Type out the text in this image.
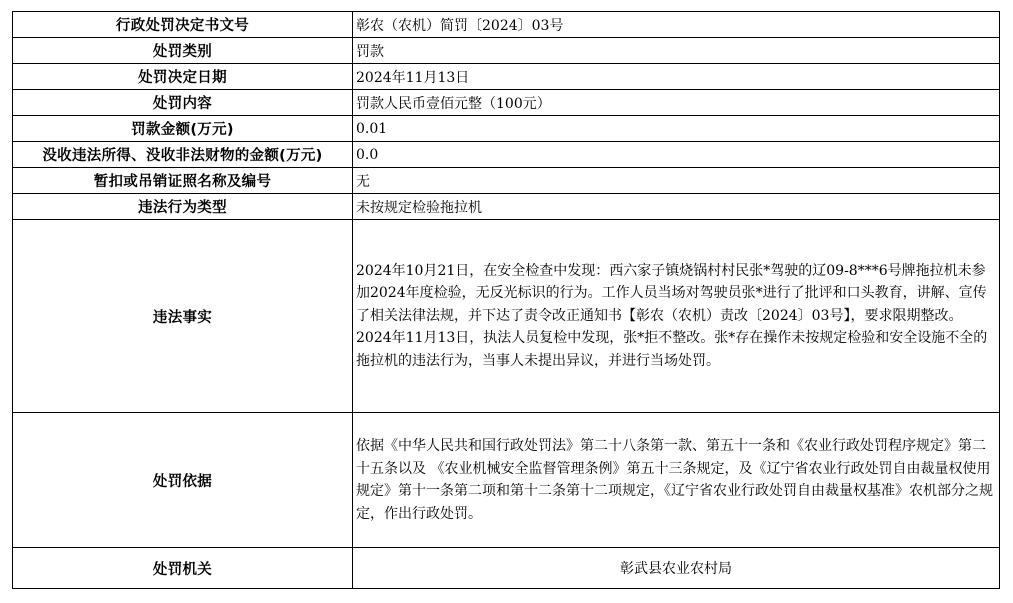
行政处罚决定书文号	彰农（农机）简罚〔2024〕03号
处罚类别	罚款
处罚决定日期	2024年11月13日
处罚内容	罚款人民币壹佰元整（100元）
罚款金额(万元)	0.01
没收违法所得、没收非法财物的金额(万元)	0.0
暂扣或吊销证照名称及编号	无
违法行为类型	未按规定检验拖拉机
违法事实	2024年10月21日，在安全检查中发现：西六家子镇烧锅村村民张*驾驶的辽09-8***6号牌拖拉机未参加2024年度检验，无反光标识的行为。工作人员当场对驾驶员张*进行了批评和口头教育，讲解、宣传了相关法律法规，并下达了责令改正通知书【彰农（农机）责改〔2024〕03号】，要求限期整改。2024年11月13日，执法人员复检中发现，张*拒不整改。张*存在操作未按规定检验和安全设施不全的拖拉机的违法行为，当事人未提出异议，并进行当场处罚。
处罚依据	依据《中华人民共和国行政处罚法》第二十八条第一款、第五十一条和《农业行政处罚程序规定》第二十五条以及 《农业机械安全监督管理条例》第五十三条规定，及《辽宁省农业行政处罚自由裁量权使用规定》第十一条第二项和第十二条第十二项规定，《辽宁省农业行政处罚自由裁量权基准》农机部分之规定，作出行政处罚。
处罚机关	彰武县农业农村局
